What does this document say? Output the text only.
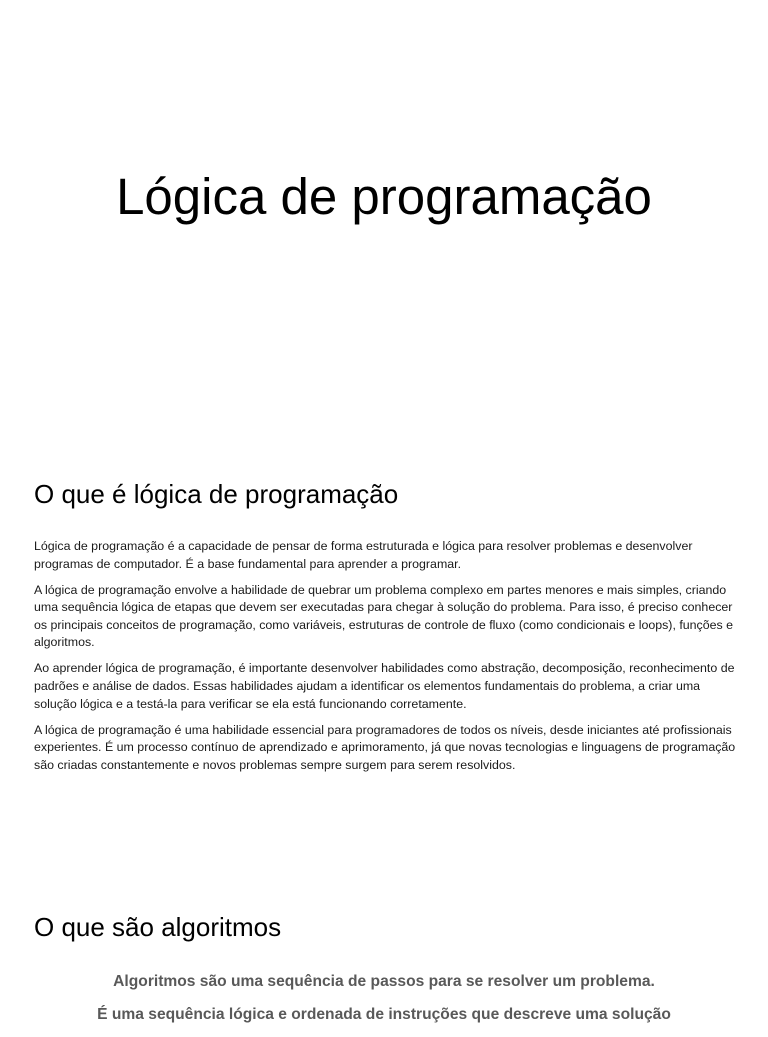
Lógica de programação
O que é lógica de programação

Lógica de programação é a capacidade de pensar de forma estruturada e lógica para resolver problemas e desenvolver programas de computador. É a base fundamental para aprender a programar.

A lógica de programação envolve a habilidade de quebrar um problema complexo em partes menores e mais simples, criando uma sequência lógica de etapas que devem ser executadas para chegar à solução do problema. Para isso, é preciso conhecer os principais conceitos de programação, como variáveis, estruturas de controle de fluxo (como condicionais e loops), funções e algoritmos.

Ao aprender lógica de programação, é importante desenvolver habilidades como abstração, decomposição, reconhecimento de padrões e análise de dados. Essas habilidades ajudam a identificar os elementos fundamentais do problema, a criar uma solução lógica e a testá-la para verificar se ela está funcionando corretamente.

A lógica de programação é uma habilidade essencial para programadores de todos os níveis, desde iniciantes até profissionais experientes. É um processo contínuo de aprendizado e aprimoramento, já que novas tecnologias e linguagens de programação são criadas constantemente e novos problemas sempre surgem para serem resolvidos.

O que são algoritmos

Algoritmos são uma sequência de passos para se resolver um problema.

É uma sequência lógica e ordenada de instruções que descreve uma solução
